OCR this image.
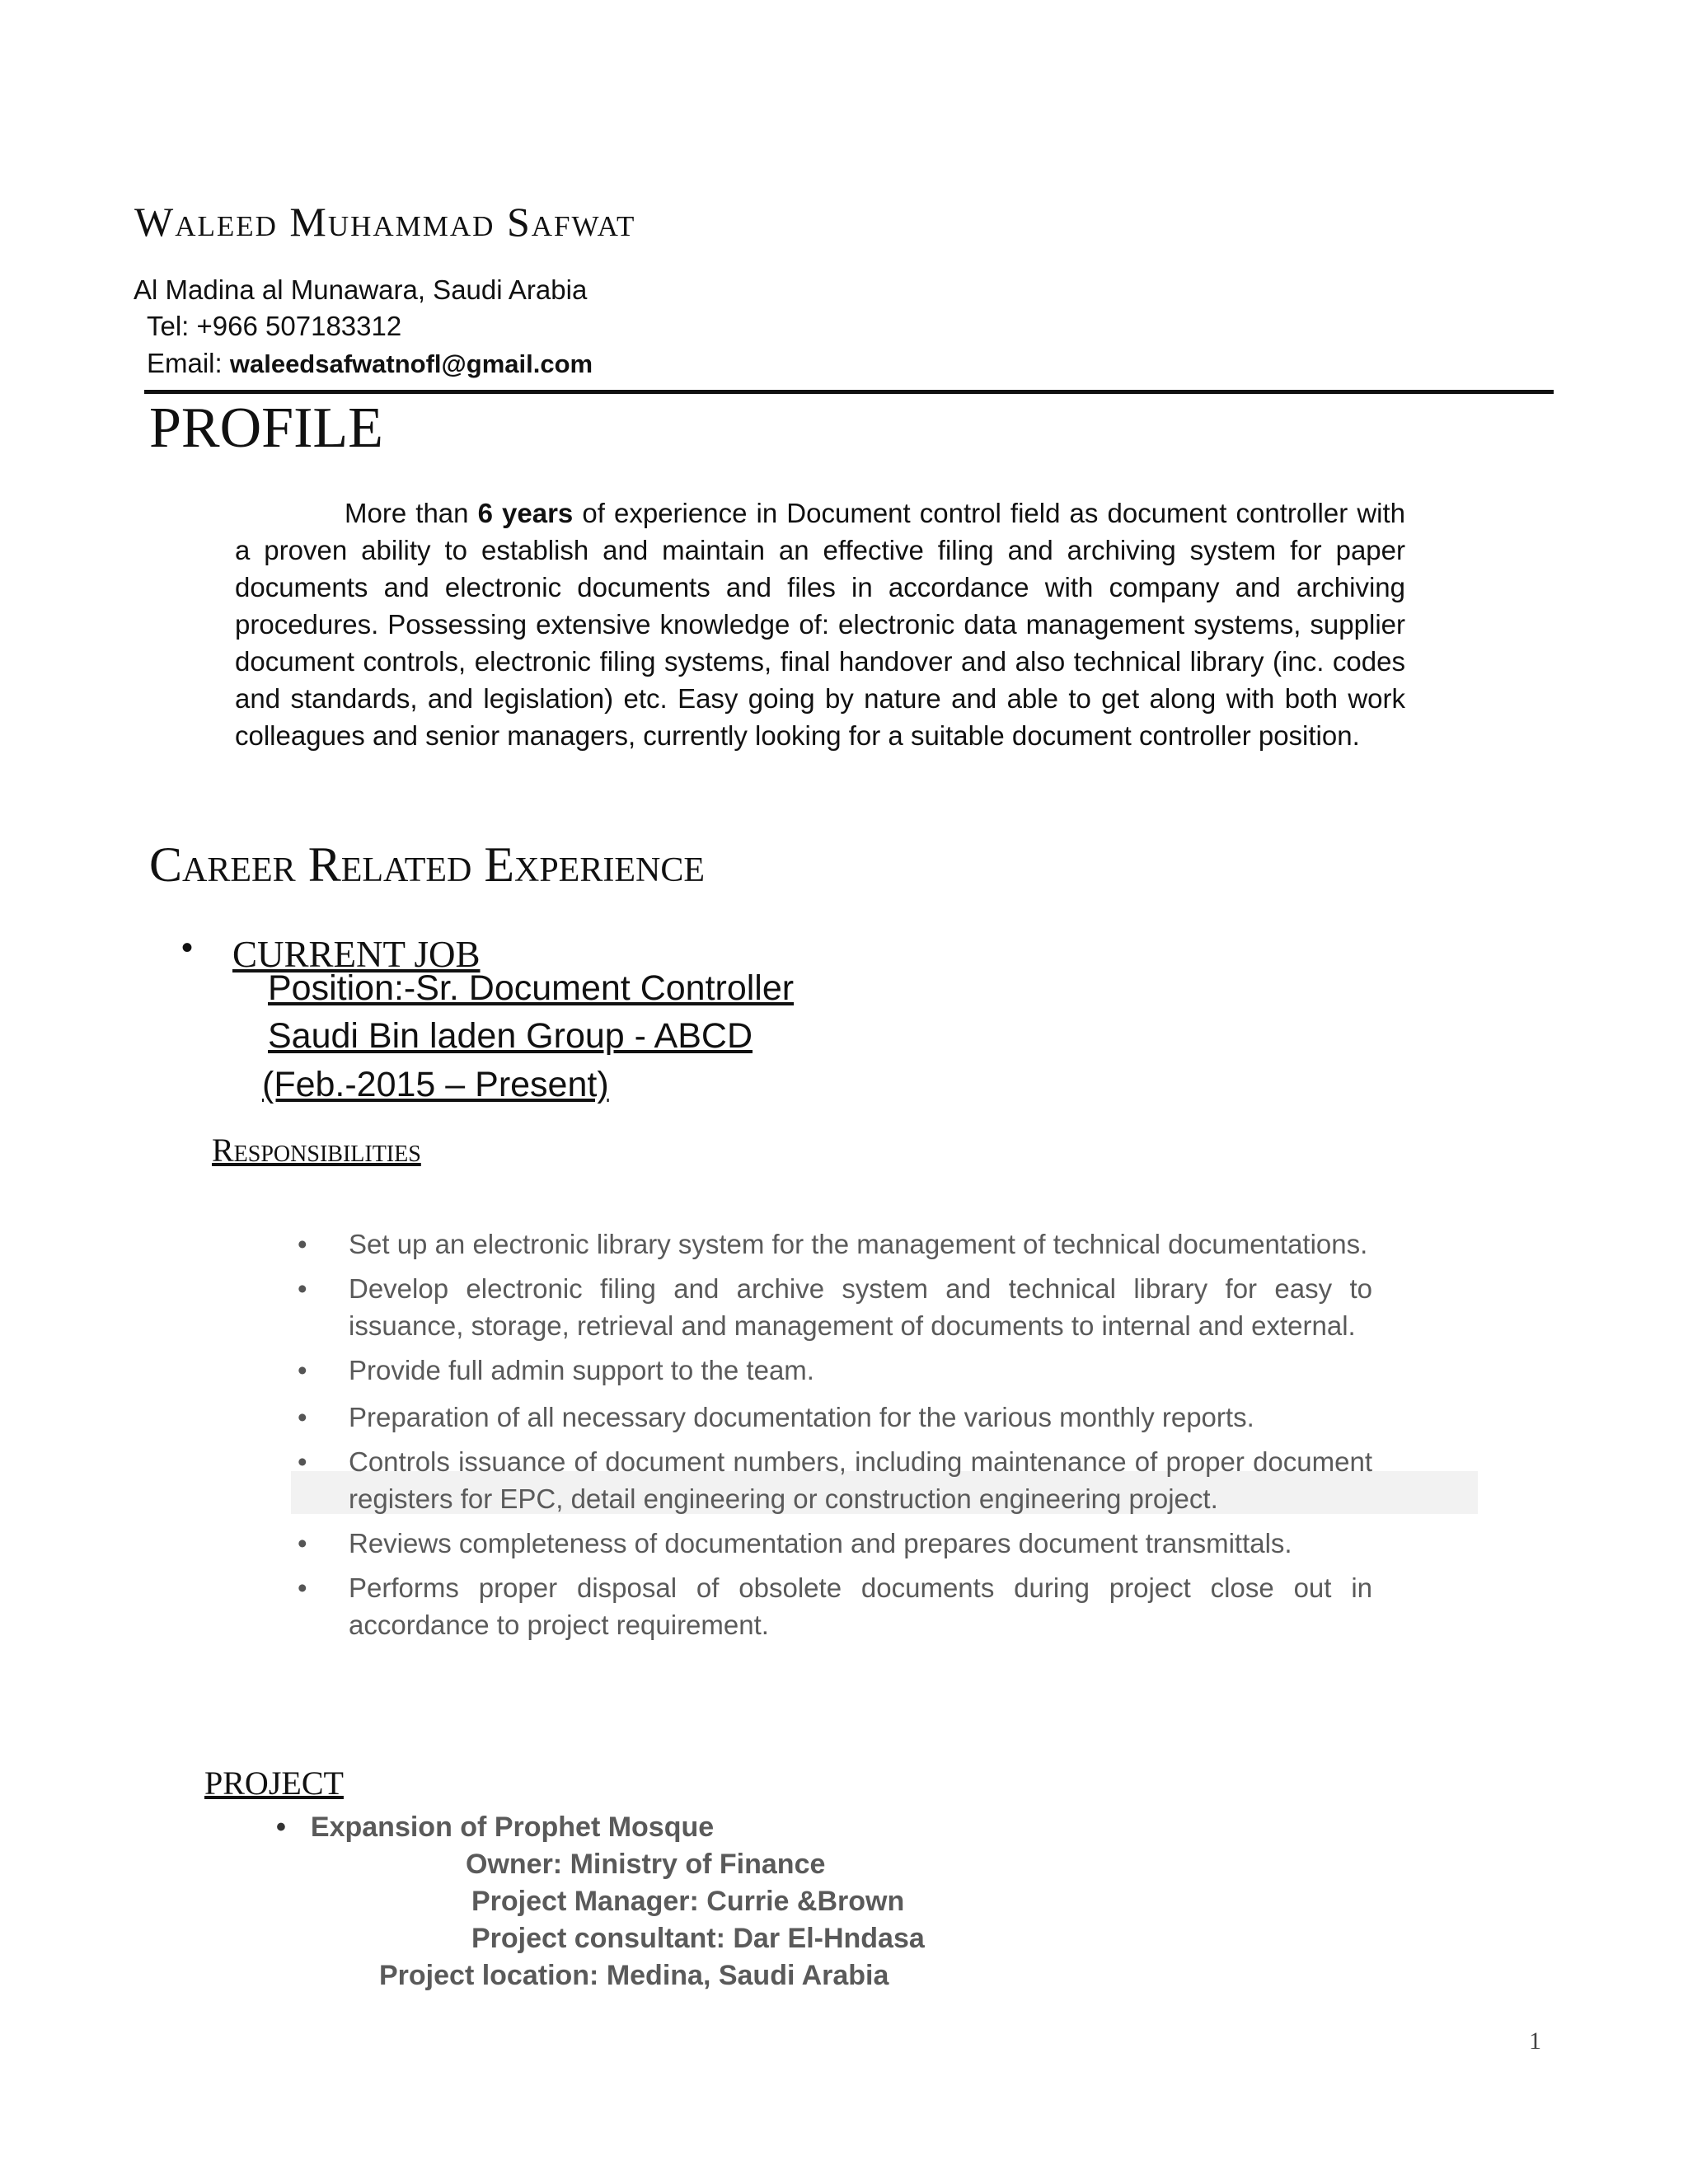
Waleed Muhammad Safwat
Al Madina al Munawara, Saudi Arabia
Tel: +966 507183312
Email: waleedsafwatnofl@gmail.com
PROFILE
More than 6 years of experience in Document control field as document controller with a proven ability to establish and maintain an effective filing and archiving system for paper documents and electronic documents and files in accordance with company and archiving procedures. Possessing extensive knowledge of: electronic data management systems, supplier document controls, electronic filing systems, final handover and also technical library (inc. codes and standards, and legislation) etc. Easy going by nature and able to get along with both work colleagues and senior managers, currently looking for a suitable document controller position.
Career Related Experience
• CURRENT JOB
Position:-Sr. Document Controller
Saudi Bin laden Group - ABCD
(Feb.-2015 – Present)
Responsibilities
• Set up an electronic library system for the management of technical documentations.
• Develop electronic filing and archive system and technical library for easy to issuance, storage, retrieval and management of documents to internal and external.
• Provide full admin support to the team.
• Preparation of all necessary documentation for the various monthly reports.
• Controls issuance of document numbers, including maintenance of proper document registers for EPC, detail engineering or construction engineering project.
• Reviews completeness of documentation and prepares document transmittals.
• Performs proper disposal of obsolete documents during project close out in accordance to project requirement.
PROJECT
• Expansion of Prophet Mosque
Owner: Ministry of Finance
Project Manager: Currie &Brown
Project consultant: Dar El-Hndasa
Project location: Medina, Saudi Arabia
1
